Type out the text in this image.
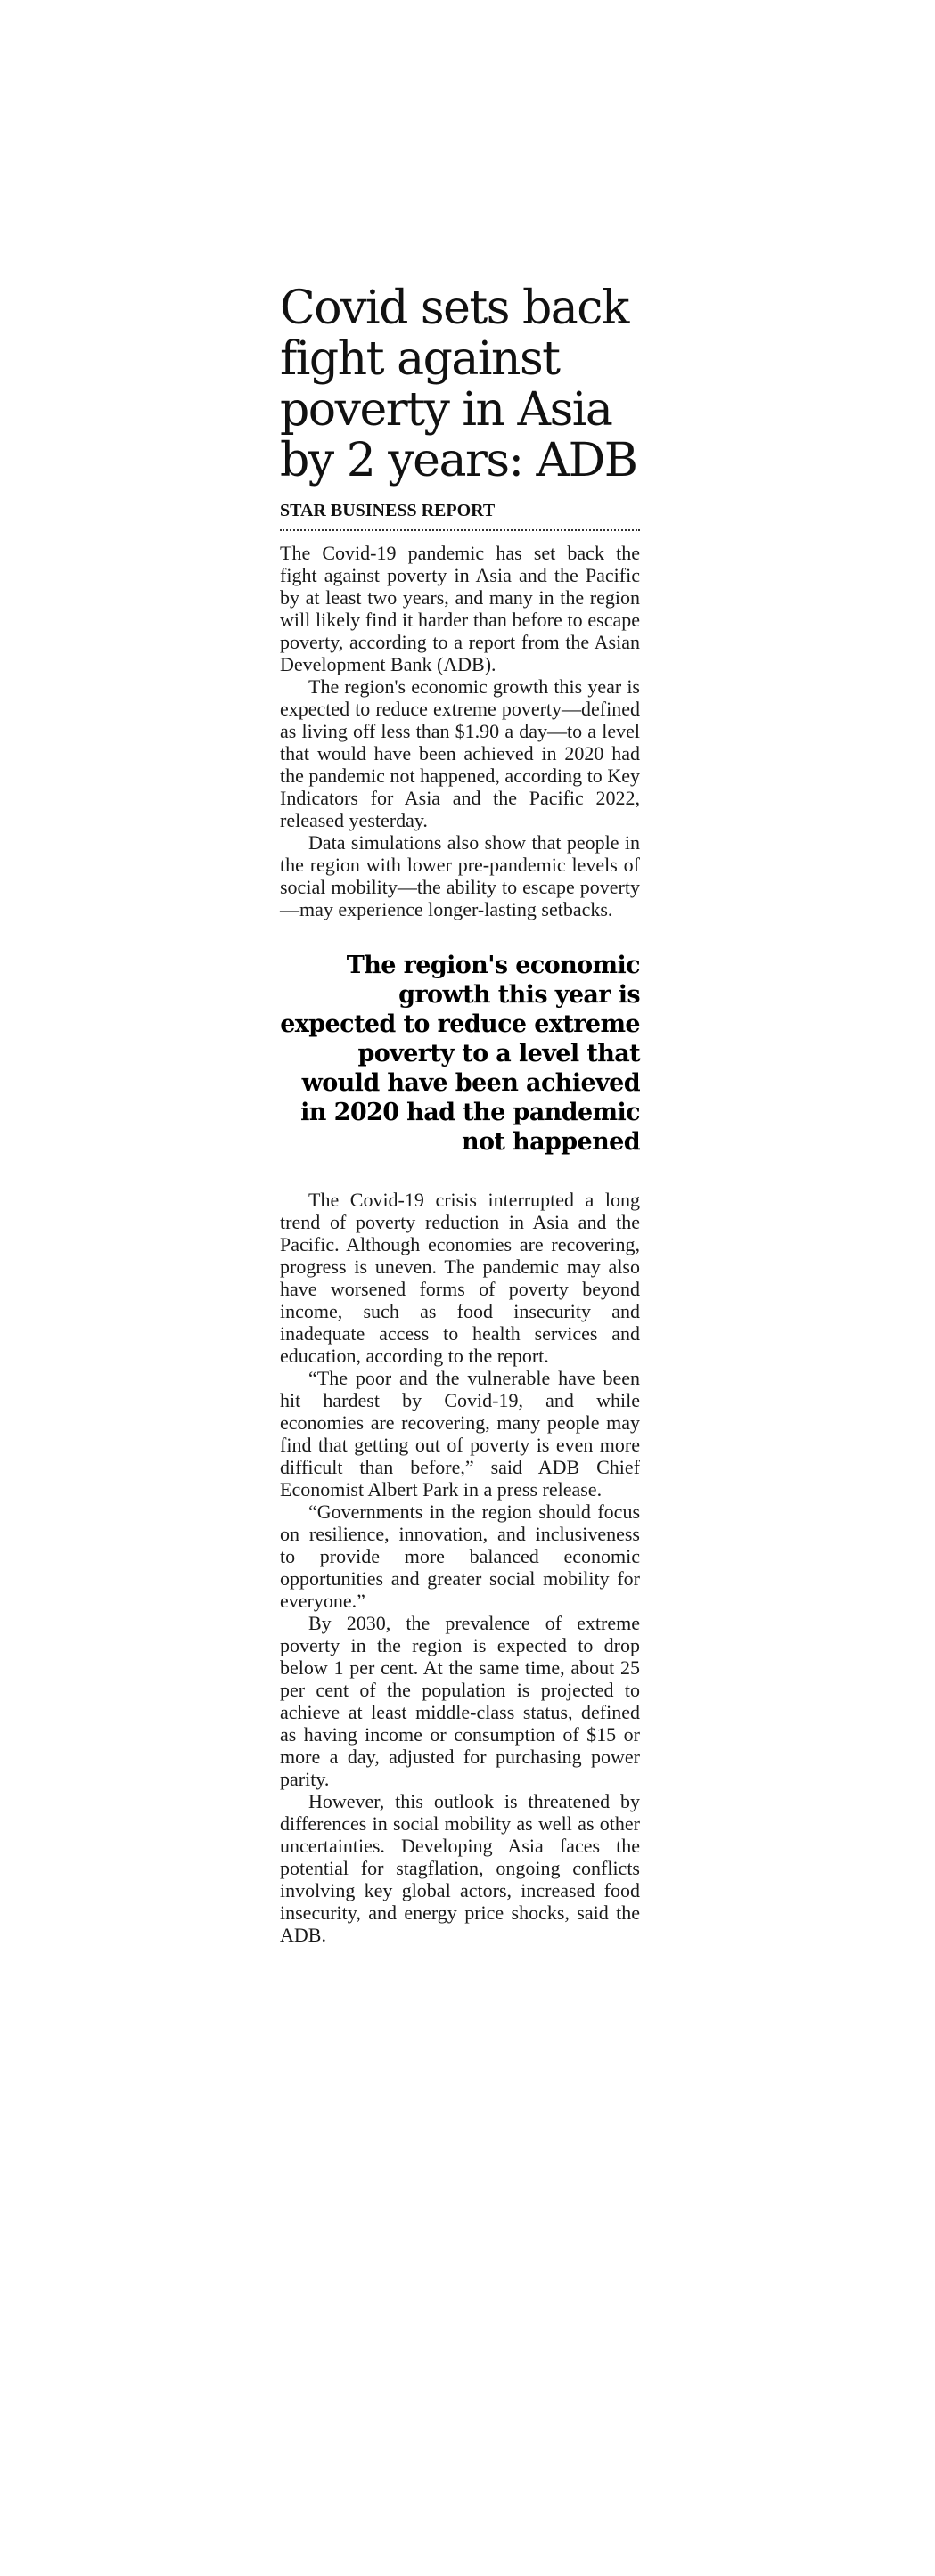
Covid sets back fight against poverty in Asia by 2 years: ADB
STAR BUSINESS REPORT

The Covid-19 pandemic has set back the fight against poverty in Asia and the Pacific by at least two years, and many in the region will likely find it harder than before to escape poverty, according to a report from the Asian Development Bank (ADB).

The region's economic growth this year is expected to reduce extreme poverty—defined as living off less than $1.90 a day—to a level that would have been achieved in 2020 had the pandemic not happened, according to Key Indicators for Asia and the Pacific 2022, released yesterday.

Data simulations also show that people in the region with lower pre-pandemic levels of social mobility—the ability to escape poverty—may experience longer-lasting setbacks.

The region's economic growth this year is expected to reduce extreme poverty to a level that would have been achieved in 2020 had the pandemic not happened

The Covid-19 crisis interrupted a long trend of poverty reduction in Asia and the Pacific. Although economies are recovering, progress is uneven. The pandemic may also have worsened forms of poverty beyond income, such as food insecurity and inadequate access to health services and education, according to the report.

“The poor and the vulnerable have been hit hardest by Covid-19, and while economies are recovering, many people may find that getting out of poverty is even more difficult than before,” said ADB Chief Economist Albert Park in a press release.

“Governments in the region should focus on resilience, innovation, and inclusiveness to provide more balanced economic opportunities and greater social mobility for everyone.”

By 2030, the prevalence of extreme poverty in the region is expected to drop below 1 per cent. At the same time, about 25 per cent of the population is projected to achieve at least middle-class status, defined as having income or consumption of $15 or more a day, adjusted for purchasing power parity.

However, this outlook is threatened by differences in social mobility as well as other uncertainties. Developing Asia faces the potential for stagflation, ongoing conflicts involving key global actors, increased food insecurity, and energy price shocks, said the ADB.
